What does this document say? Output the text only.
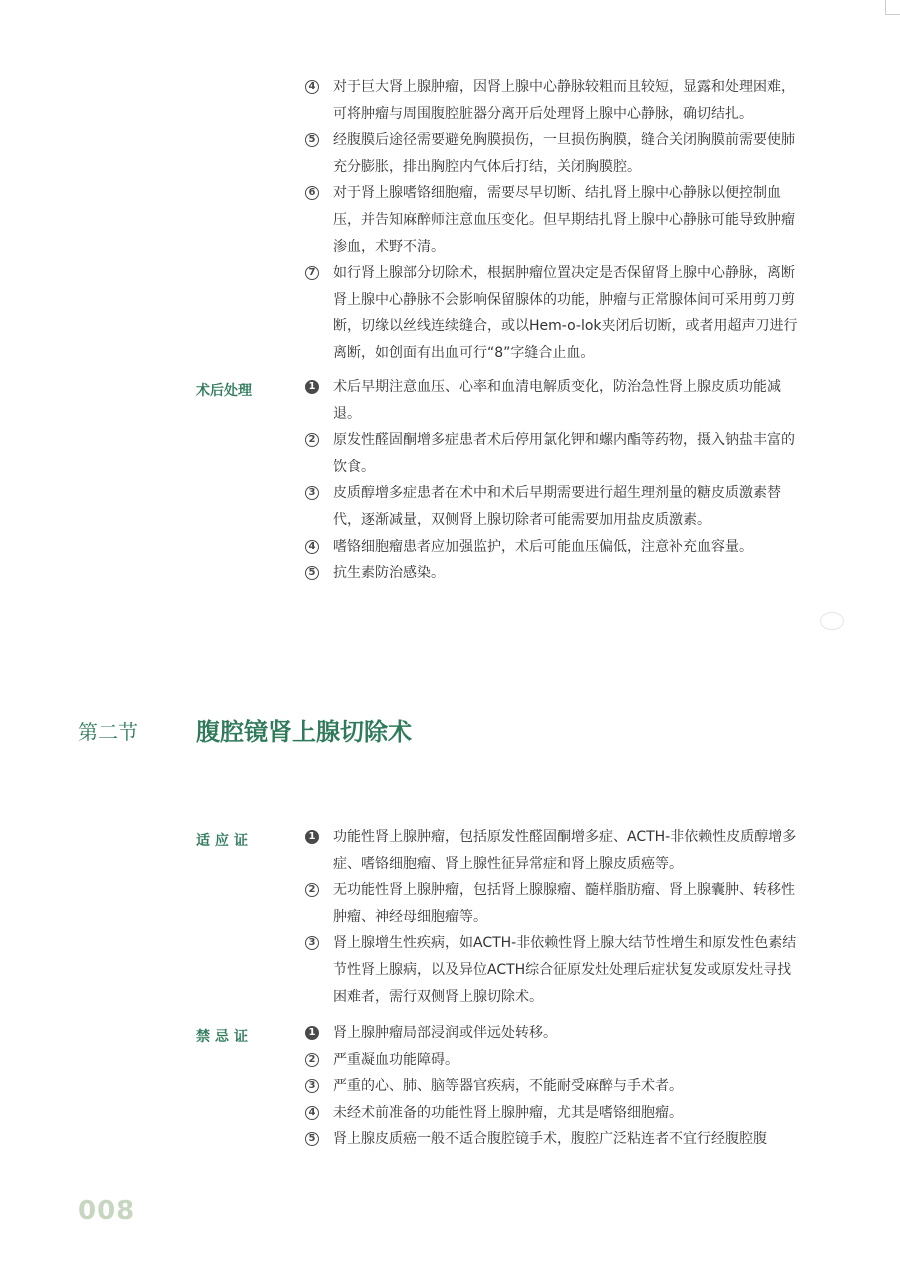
4 对于巨大肾上腺肿瘤，因肾上腺中心静脉较粗而且较短，显露和处理困难，可将肿瘤与周围腹腔脏器分离开后处理肾上腺中心静脉，确切结扎。
5 经腹膜后途径需要避免胸膜损伤，一旦损伤胸膜，缝合关闭胸膜前需要使肺充分膨胀，排出胸腔内气体后打结，关闭胸膜腔。
6 对于肾上腺嗜铬细胞瘤，需要尽早切断、结扎肾上腺中心静脉以便控制血压，并告知麻醉师注意血压变化。但早期结扎肾上腺中心静脉可能导致肿瘤渗血，术野不清。
7 如行肾上腺部分切除术，根据肿瘤位置决定是否保留肾上腺中心静脉，离断肾上腺中心静脉不会影响保留腺体的功能，肿瘤与正常腺体间可采用剪刀剪断，切缘以丝线连续缝合，或以Hem-o-lok夹闭后切断，或者用超声刀进行离断，如创面有出血可行“8”字缝合止血。
术后处理	1 术后早期注意血压、心率和血清电解质变化，防治急性肾上腺皮质功能减退。
2 原发性醛固酮增多症患者术后停用氯化钾和螺内酯等药物，摄入钠盐丰富的饮食。
3 皮质醇增多症患者在术中和术后早期需要进行超生理剂量的糖皮质激素替代，逐渐减量，双侧肾上腺切除者可能需要加用盐皮质激素。
4 嗜铬细胞瘤患者应加强监护，术后可能血压偏低，注意补充血容量。
5 抗生素防治感染。
第二节 腹腔镜肾上腺切除术
适应证	1 功能性肾上腺肿瘤，包括原发性醛固酮增多症、ACTH-非依赖性皮质醇增多症、嗜铬细胞瘤、肾上腺性征异常症和肾上腺皮质癌等。
2 无功能性肾上腺肿瘤，包括肾上腺腺瘤、髓样脂肪瘤、肾上腺囊肿、转移性肿瘤、神经母细胞瘤等。
3 肾上腺增生性疾病，如ACTH-非依赖性肾上腺大结节性增生和原发性色素结节性肾上腺病，以及异位ACTH综合征原发灶处理后症状复发或原发灶寻找困难者，需行双侧肾上腺切除术。
禁忌证	1 肾上腺肿瘤局部浸润或伴远处转移。
2 严重凝血功能障碍。
3 严重的心、肺、脑等器官疾病，不能耐受麻醉与手术者。
4 未经术前准备的功能性肾上腺肿瘤，尤其是嗜铬细胞瘤。
5 肾上腺皮质癌一般不适合腹腔镜手术，腹腔广泛粘连者不宜行经腹腔腹
008
